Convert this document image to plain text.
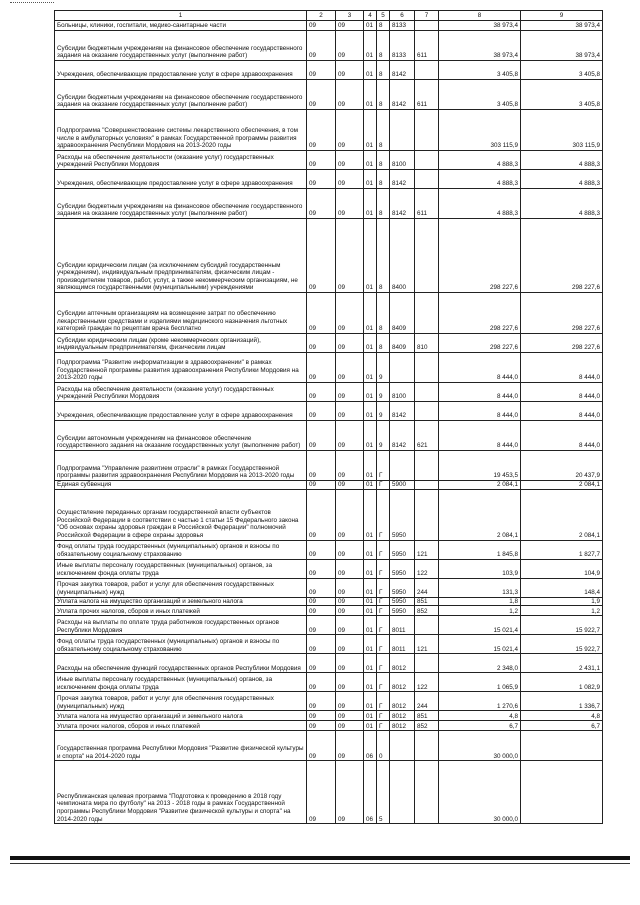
1	2	3	4	5	6	7	8	9
Больницы, клиники, госпитали, медико-санитарные части	09	09	01	8	8133		38 973,4	38 973,4
Субсидии бюджетным учреждениям на финансовое обеспечение государственного задания на оказание государственных услуг (выполнение работ)	09	09	01	8	8133	611	38 973,4	38 973,4
Учреждения, обеспечивающие предоставление услуг в сфере здравоохранения	09	09	01	8	8142		3 405,8	3 405,8
Субсидии бюджетным учреждениям на финансовое обеспечение государственного задания на оказание государственных услуг (выполнение работ)	09	09	01	8	8142	611	3 405,8	3 405,8
Подпрограмма "Совершенствование системы лекарственного обеспечения, в том числе в амбулаторных условиях" в рамках Государственной программы развития здравоохранения Республики Мордовия на 2013-2020 годы	09	09	01	8			303 115,9	303 115,9
Расходы на обеспечение деятельности (оказание услуг) государственных учреждений Республики Мордовия	09	09	01	8	8100		4 888,3	4 888,3
Учреждения, обеспечивающие предоставление услуг в сфере здравоохранения	09	09	01	8	8142		4 888,3	4 888,3
Субсидии бюджетным учреждениям на финансовое обеспечение государственного задания на оказание государственных услуг (выполнение работ)	09	09	01	8	8142	611	4 888,3	4 888,3
Субсидии юридическим лицам (за исключением субсидий государственным учреждениям), индивидуальным предпринимателям, физическим лицам - производителям товаров, работ, услуг, а также некоммерческим организациям, не являющимся государственными (муниципальными) учреждениями	09	09	01	8	8400		298 227,6	298 227,6
Субсидии аптечным организациям на возмещение затрат по обеспечению лекарственными средствами и изделиями медицинского назначения льготных категорий граждан по рецептам врача бесплатно	09	09	01	8	8409		298 227,6	298 227,6
Субсидии юридическим лицам (кроме некоммерческих организаций), индивидуальным предпринимателям, физическим лицам	09	09	01	8	8409	810	298 227,6	298 227,6
Подпрограмма "Развитие информатизации в здравоохранении" в рамках Государственной программы развития здравоохранения Республики Мордовия на 2013-2020 годы	09	09	01	9			8 444,0	8 444,0
Расходы на обеспечение деятельности (оказание услуг) государственных учреждений Республики Мордовия	09	09	01	9	8100		8 444,0	8 444,0
Учреждения, обеспечивающие предоставление услуг в сфере здравоохранения	09	09	01	9	8142		8 444,0	8 444,0
Субсидии автономным учреждениям на финансовое обеспечение государственного задания на оказание государственных услуг (выполнение работ)	09	09	01	9	8142	621	8 444,0	8 444,0
Подпрограмма "Управление развитием отрасли" в рамках Государственной программы развития здравоохранения Республики Мордовия на 2013-2020 годы	09	09	01	Г			19 453,5	20 437,9
Единая субвенция	09	09	01	Г	5900		2 084,1	2 084,1
Осуществление переданных органам государственной власти субъектов Российской Федерации в соответствии с частью 1 статьи 15 Федерального закона "Об основах охраны здоровья граждан в Российской Федерации" полномочий Российской Федерации в сфере охраны здоровья	09	09	01	Г	5950		2 084,1	2 084,1
Фонд оплаты труда государственных (муниципальных) органов и взносы по обязательному социальному страхованию	09	09	01	Г	5950	121	1 845,8	1 827,7
Иные выплаты персоналу государственных (муниципальных) органов, за исключением фонда оплаты труда	09	09	01	Г	5950	122	103,9	104,9
Прочая закупка товаров, работ и услуг для обеспечения государственных (муниципальных) нужд	09	09	01	Г	5950	244	131,3	148,4
Уплата налога на имущество организаций и земельного налога	09	09	01	Г	5950	851	1,8	1,9
Уплата прочих налогов, сборов и иных платежей	09	09	01	Г	5950	852	1,2	1,2
Расходы на выплаты по оплате труда работников государственных органов Республики Мордовия	09	09	01	Г	8011		15 021,4	15 922,7
Фонд оплаты труда государственных (муниципальных) органов и взносы по обязательному социальному страхованию	09	09	01	Г	8011	121	15 021,4	15 922,7
Расходы на обеспечение функций государственных органов Республики Мордовия	09	09	01	Г	8012		2 348,0	2 431,1
Иные выплаты персоналу государственных (муниципальных) органов, за исключением фонда оплаты труда	09	09	01	Г	8012	122	1 065,9	1 082,9
Прочая закупка товаров, работ и услуг для обеспечения государственных (муниципальных) нужд	09	09	01	Г	8012	244	1 270,6	1 336,7
Уплата налога на имущество организаций и земельного налога	09	09	01	Г	8012	851	4,8	4,8
Уплата прочих налогов, сборов и иных платежей	09	09	01	Г	8012	852	6,7	6,7
Государственная программа Республики Мордовия "Развитие физической культуры и спорта" на 2014-2020 годы	09	09	06	0			30 000,0	
Республиканская целевая программа "Подготовка к проведению в 2018 году чемпионата мира по футболу" на 2013 - 2018 годы в рамках Государственной программы Республики Мордовия "Развитие физической культуры и спорта" на 2014-2020 годы	09	09	06	5			30 000,0	
